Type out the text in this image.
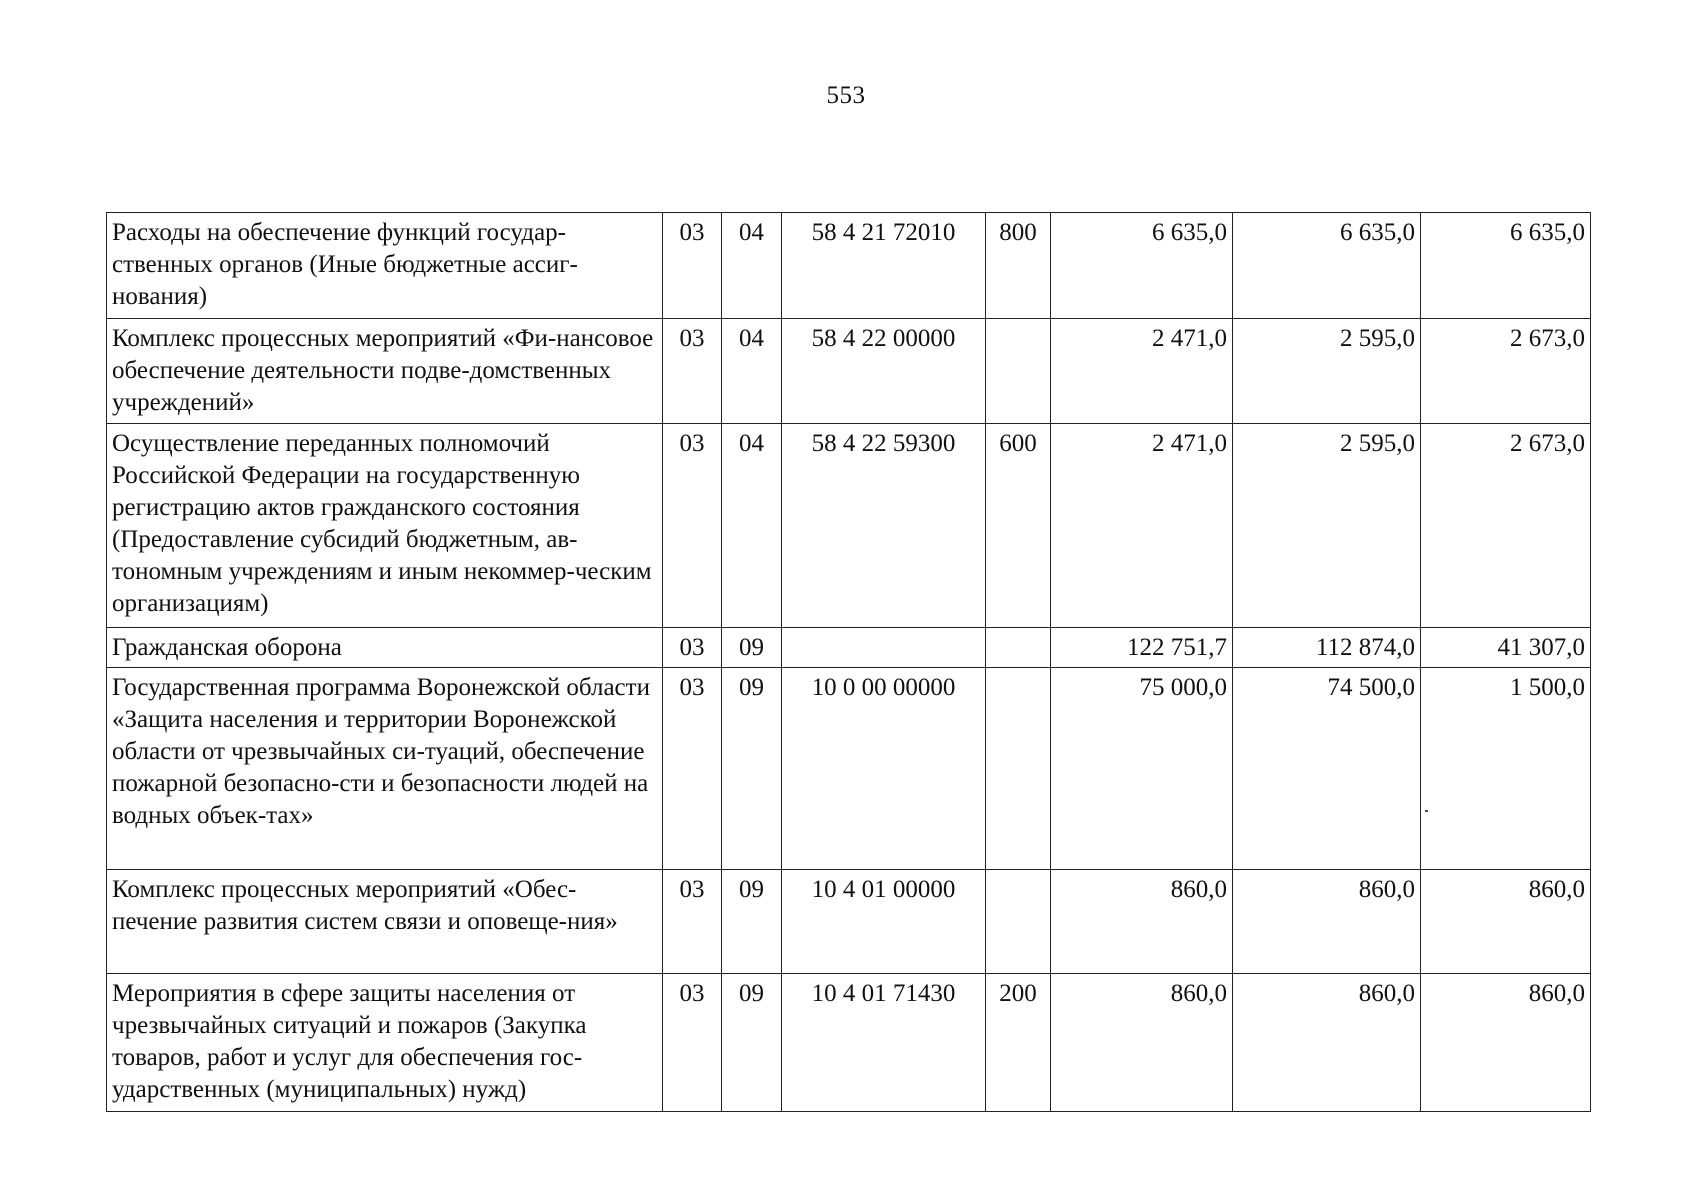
553
Расходы на обеспечение функций государ-ственных органов (Иные бюджетные ассиг-нования)	03	04	58 4 21 72010	800	6 635,0	6 635,0	6 635,0
Комплекс процессных мероприятий «Фи-нансовое обеспечение деятельности подве-домственных учреждений»	03	04	58 4 22 00000		2 471,0	2 595,0	2 673,0
Осуществление переданных полномочий Российской Федерации на государственную регистрацию актов гражданского состояния (Предоставление субсидий бюджетным, ав-тономным учреждениям и иным некоммер-ческим организациям)	03	04	58 4 22 59300	600	2 471,0	2 595,0	2 673,0
Гражданская оборона	03	09			122 751,7	112 874,0	41 307,0
Государственная программа Воронежской области «Защита населения и территории Воронежской области от чрезвычайных си-туаций, обеспечение пожарной безопасно-сти и безопасности людей на водных объек-тах»	03	09	10 0 00 00000		75 000,0	74 500,0	1 500,0
Комплекс процессных мероприятий «Обес-печение развития систем связи и оповеще-ния»	03	09	10 4 01 00000		860,0	860,0	860,0
Мероприятия в сфере защиты населения от чрезвычайных ситуаций и пожаров (Закупка товаров, работ и услуг для обеспечения гос-ударственных (муниципальных) нужд)	03	09	10 4 01 71430	200	860,0	860,0	860,0
